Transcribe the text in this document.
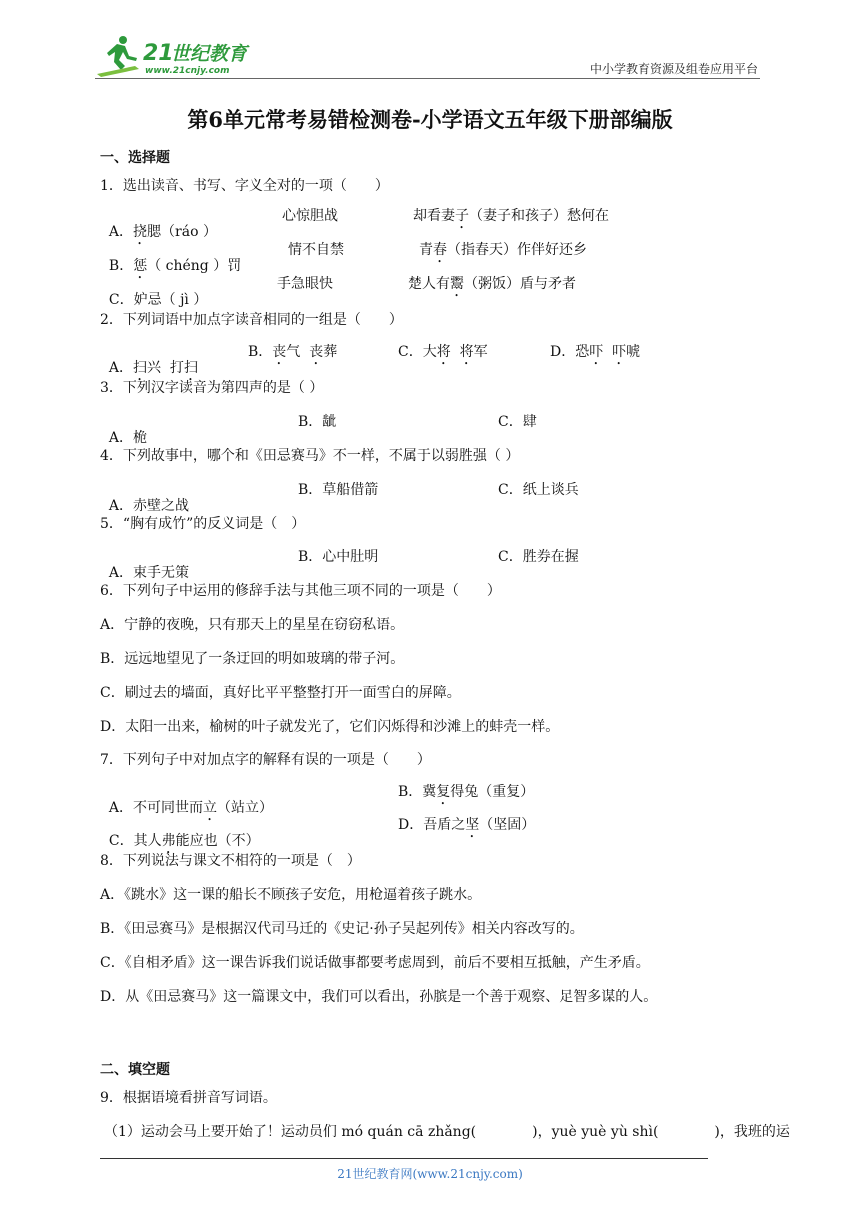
21
世纪教育
www.21cnjy.com	中小学教育资源及组卷应用平台
第6单元常考易错检测卷-小学语文五年级下册部编版
一、选择题
1．选出读音、书写、字义全对的一项（　　）

A．挠腮（ráo ）

心惊胆战

	却看妻子（妻子和孩子）愁何在

B．惩（ chéng ）罚

情不自禁

	青春（指春天）作伴好还乡

C．妒忌（ jì ）

手急眼快

	楚人有鬻（粥饭）盾与矛者

2．下列词语中加点字读音相同的一组是（　　）

A．扫兴  打扫

B．丧气  丧葬

	C．大将 将军

	D．恐吓 吓唬

3．下列汉字读音为第四声的是（ ）

A．桅

B．龇

	C．肆

4．下列故事中，哪个和《田忌赛马》不一样，不属于以弱胜强（ ）

A．赤壁之战

B．草船借箭

	C．纸上谈兵

5．“胸有成竹”的反义词是（　）

A．束手无策

B．心中肚明

	C．胜券在握

6．下列句子中运用的修辞手法与其他三项不同的一项是（　　）
A．宁静的夜晚，只有那天上的星星在窃窃私语。
B．远远地望见了一条迂回的明如玻璃的带子河。
C．刷过去的墙面，真好比平平整整打开一面雪白的屏障。
D．太阳一出来，榆树的叶子就发光了，它们闪烁得和沙滩上的蚌壳一样。
7．下列句子中对加点字的解释有误的一项是（　　）

A．不可同世而立（站立）

B．冀复得兔（重复）

C．其人弗能应也（不）

D．吾盾之坚（坚固）

8．下列说法与课文不相符的一项是（　）
A．《跳水》这一课的船长不顾孩子安危，用枪逼着孩子跳水。
B．《田忌赛马》是根据汉代司马迁的《史记·孙子吴起列传》相关内容改写的。
C．《自相矛盾》这一课告诉我们说话做事都要考虑周到，前后不要相互抵触，产生矛盾。
D．从《田忌赛马》这一篇课文中，我们可以看出，孙膑是一个善于观察、足智多谋的人。
二、填空题
9．根据语境看拼音写词语。
（1）运动会马上要开始了！运动员们 mó quán cā zhǎng(　　　　)，yuè yuè yù shì(　　　　)，我班的运
21世纪教育网(www.21cnjy.com)
